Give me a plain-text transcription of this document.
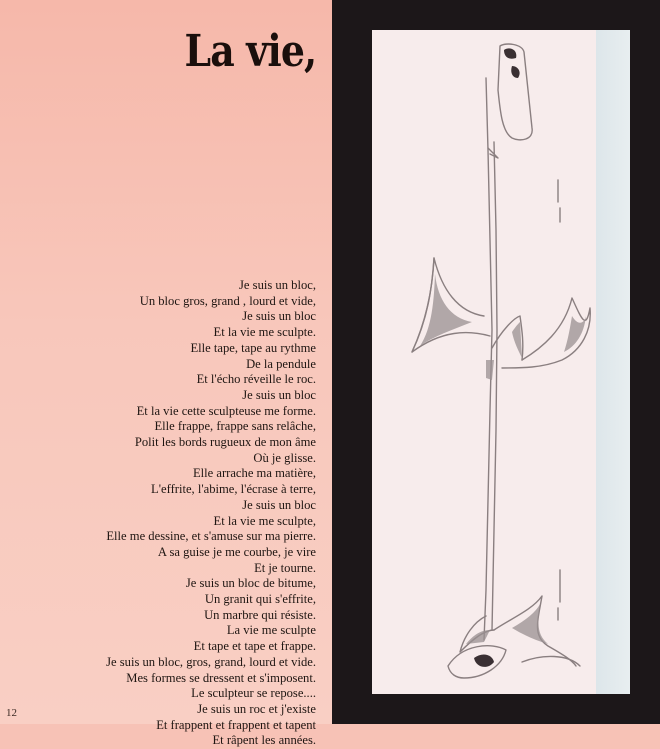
La vie,
Je suis un bloc,
Un bloc gros, grand , lourd et vide,
Je suis un bloc
Et la vie me sculpte.
Elle tape, tape au rythme
De la pendule
Et l'écho réveille le roc.
Je suis un bloc
Et la vie cette sculpteuse me forme.
Elle frappe, frappe sans relâche,
Polit les bords rugueux de mon âme
Où je glisse.
Elle arrache ma matière,
L'effrite, l'abime, l'écrase à terre,
Je suis un bloc
Et la vie me sculpte,
Elle me dessine, et s'amuse sur ma pierre.
A sa guise je me courbe, je vire
Et je tourne.
Je suis un bloc de bitume,
Un granit qui s'effrite,
Un marbre qui résiste.
La vie me sculpte
Et tape et tape et frappe.
Je suis un bloc, gros, grand, lourd et vide.
Mes formes se dressent et s'imposent.
Le sculpteur se repose....
Je suis un roc et j'existe
Et frappent et frappent et tapent
Et râpent les années.
12
